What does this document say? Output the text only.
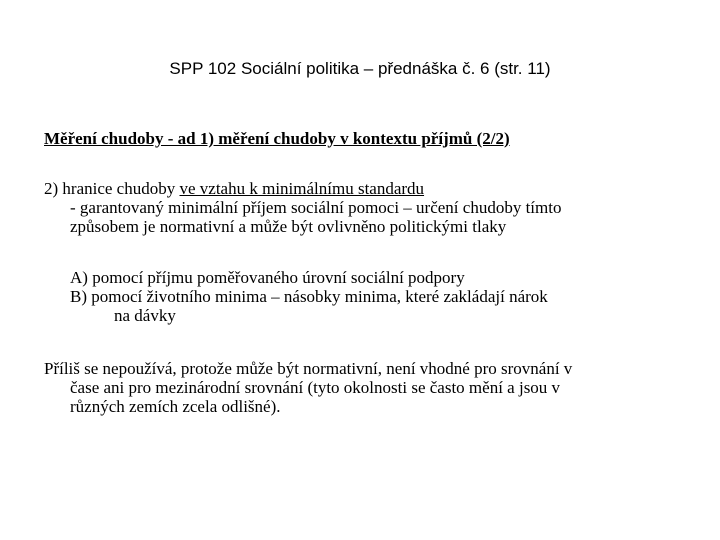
SPP 102 Sociální politika – přednáška č. 6 (str. 11)
Měření chudoby - ad 1) měření chudoby v kontextu příjmů (2/2)
2) hranice chudoby ve vztahu k minimálnímu standardu
- garantovaný minimální příjem sociální pomoci – určení chudoby tímto
způsobem je normativní a může být ovlivněno politickými tlaky
A) pomocí příjmu poměřovaného úrovní sociální podpory
B) pomocí životního minima – násobky minima, které zakládají nárok
na dávky
Příliš se nepoužívá, protože může být normativní, není vhodné pro srovnání v
čase ani pro mezinárodní srovnání (tyto okolnosti se často mění a jsou v
různých zemích zcela odlišné).
